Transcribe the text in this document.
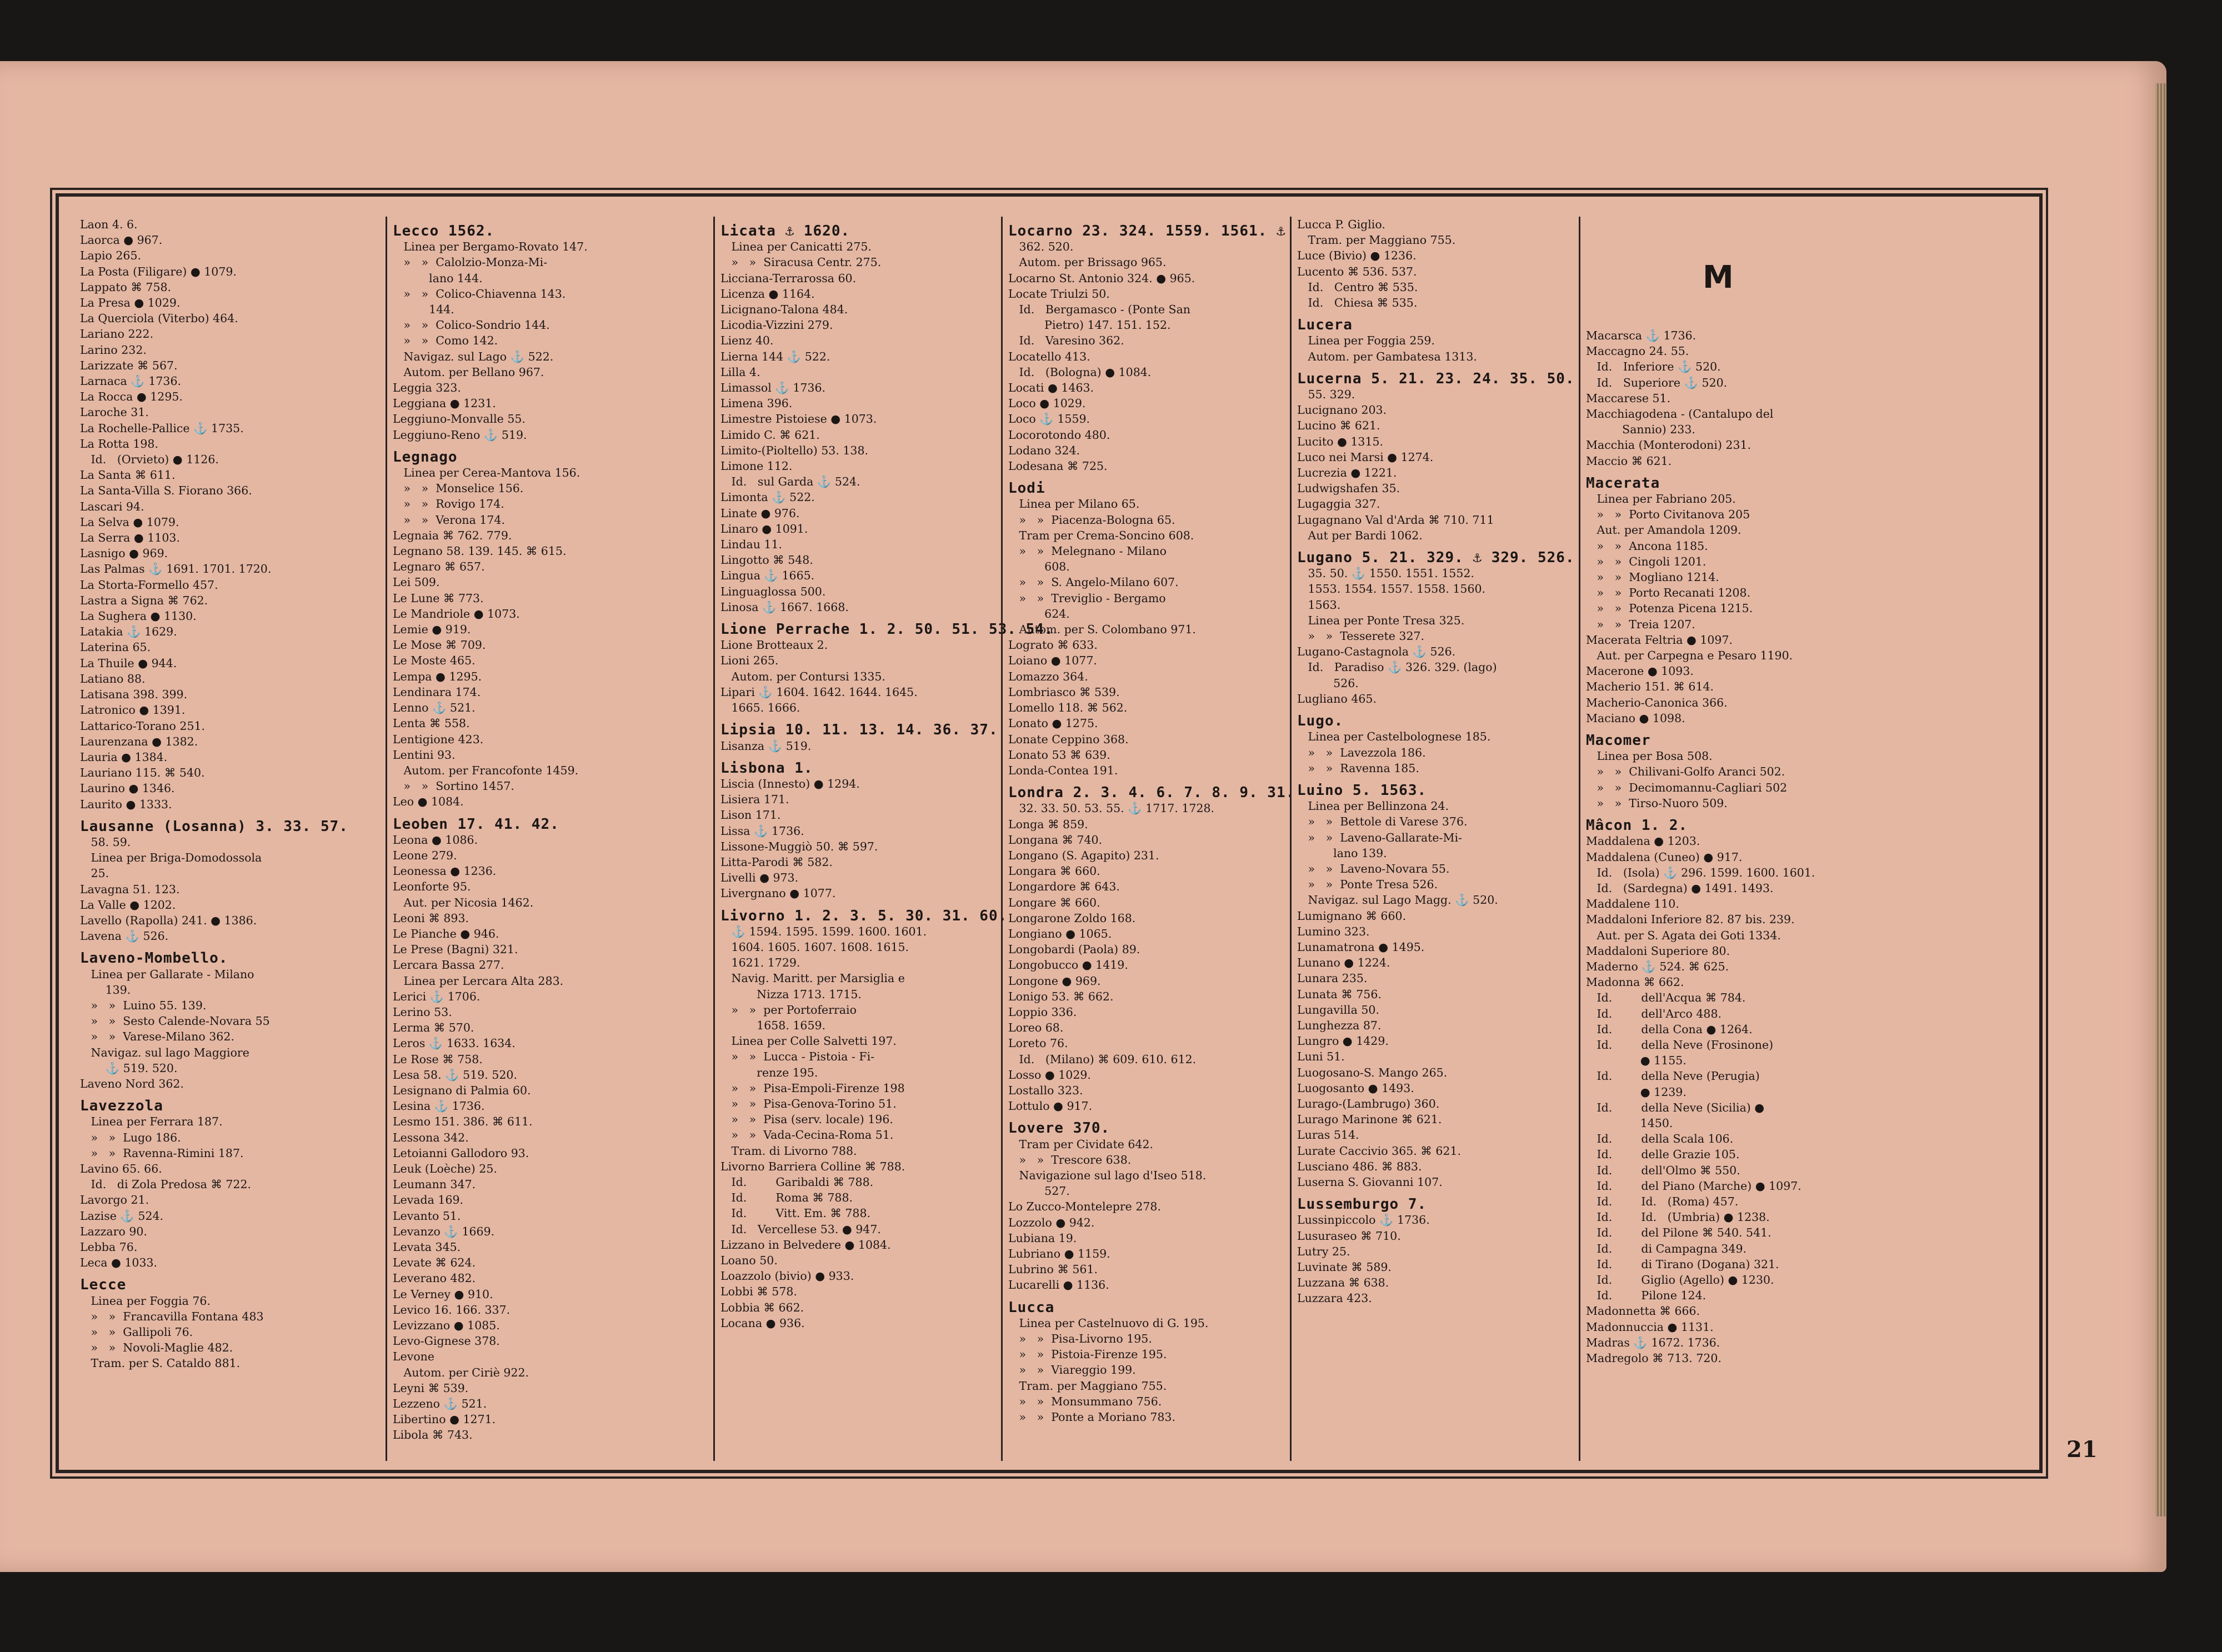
Laon 4. 6.
Laorca ● 967.
Lapio 265.
La Posta (Filigare) ● 1079.
Lappato ⌘ 758.
La Presa ● 1029.
La Querciola (Viterbo) 464.
Lariano 222.
Larino 232.
Larizzate ⌘ 567.
Larnaca ⚓ 1736.
La Rocca ● 1295.
Laroche 31.
La Rochelle-Pallice ⚓ 1735.
La Rotta 198.
Id.   (Orvieto) ● 1126.
La Santa ⌘ 611.
La Santa-Villa S. Fiorano 366.
Lascari 94.
La Selva ● 1079.
La Serra ● 1103.
Lasnigo ● 969.
Las Palmas ⚓ 1691. 1701. 1720.
La Storta-Formello 457.
Lastra a Signa ⌘ 762.
La Sughera ● 1130.
Latakia ⚓ 1629.
Laterina 65.
La Thuile ● 944.
Latiano 88.
Latisana 398. 399.
Latronico ● 1391.
Lattarico-Torano 251.
Laurenzana ● 1382.
Lauria ● 1384.
Lauriano 115. ⌘ 540.
Laurino ● 1346.
Laurito ● 1333.
Lausanne (Losanna) 3. 33. 57.
58. 59.
Linea per Briga-Domodossola
25.
Lavagna 51. 123.
La Valle ● 1202.
Lavello (Rapolla) 241. ● 1386.
Lavena ⚓ 526.
Laveno-Mombello.
Linea per Gallarate - Milano
139.
»   »  Luino 55. 139.
»   »  Sesto Calende-Novara 55
»   »  Varese-Milano 362.
Navigaz. sul lago Maggiore
⚓ 519. 520.
Laveno Nord 362.
Lavezzola
Linea per Ferrara 187.
»   »  Lugo 186.
»   »  Ravenna-Rimini 187.
Lavino 65. 66.
Id.   di Zola Predosa ⌘ 722.
Lavorgo 21.
Lazise ⚓ 524.
Lazzaro 90.
Lebba 76.
Leca ● 1033.
Lecce
Linea per Foggia 76.
»   »  Francavilla Fontana 483
»   »  Gallipoli 76.
»   »  Novoli-Maglie 482.
Tram. per S. Cataldo 881.
Lecco 1562.
Linea per Bergamo-Rovato 147.
»   »  Calolzio-Monza-Mi-
lano 144.
»   »  Colico-Chiavenna 143.
144.
»   »  Colico-Sondrio 144.
»   »  Como 142.
Navigaz. sul Lago ⚓ 522.
Autom. per Bellano 967.
Leggia 323.
Leggiana ● 1231.
Leggiuno-Monvalle 55.
Leggiuno-Reno ⚓ 519.
Legnago
Linea per Cerea-Mantova 156.
»   »  Monselice 156.
»   »  Rovigo 174.
»   »  Verona 174.
Legnaia ⌘ 762. 779.
Legnano 58. 139. 145. ⌘ 615.
Legnaro ⌘ 657.
Lei 509.
Le Lune ⌘ 773.
Le Mandriole ● 1073.
Lemie ● 919.
Le Mose ⌘ 709.
Le Moste 465.
Lempa ● 1295.
Lendinara 174.
Lenno ⚓ 521.
Lenta ⌘ 558.
Lentigione 423.
Lentini 93.
Autom. per Francofonte 1459.
»   »  Sortino 1457.
Leo ● 1084.
Leoben 17. 41. 42.
Leona ● 1086.
Leone 279.
Leonessa ● 1236.
Leonforte 95.
Aut. per Nicosia 1462.
Leoni ⌘ 893.
Le Pianche ● 946.
Le Prese (Bagni) 321.
Lercara Bassa 277.
Linea per Lercara Alta 283.
Lerici ⚓ 1706.
Lerino 53.
Lerma ⌘ 570.
Leros ⚓ 1633. 1634.
Le Rose ⌘ 758.
Lesa 58. ⚓ 519. 520.
Lesignano di Palmia 60.
Lesina ⚓ 1736.
Lesmo 151. 386. ⌘ 611.
Lessona 342.
Letoianni Gallodoro 93.
Leuk (Loèche) 25.
Leumann 347.
Levada 169.
Levanto 51.
Levanzo ⚓ 1669.
Levata 345.
Levate ⌘ 624.
Leverano 482.
Le Verney ● 910.
Levico 16. 166. 337.
Levizzano ● 1085.
Levo-Gignese 378.
Levone
Autom. per Ciriè 922.
Leyni ⌘ 539.
Lezzeno ⚓ 521.
Libertino ● 1271.
Libola ⌘ 743.
Licata ⚓ 1620.
Linea per Canicatti 275.
»   »  Siracusa Centr. 275.
Licciana-Terrarossa 60.
Licenza ● 1164.
Licignano-Talona 484.
Licodia-Vizzini 279.
Lienz 40.
Lierna 144 ⚓ 522.
Lilla 4.
Limassol ⚓ 1736.
Limena 396.
Limestre Pistoiese ● 1073.
Limido C. ⌘ 621.
Limito-(Pioltello) 53. 138.
Limone 112.
Id.   sul Garda ⚓ 524.
Limonta ⚓ 522.
Linate ● 976.
Linaro ● 1091.
Lindau 11.
Lingotto ⌘ 548.
Lingua ⚓ 1665.
Linguaglossa 500.
Linosa ⚓ 1667. 1668.
Lione Perrache 1. 2. 50. 51. 53. 54.
Lione Brotteaux 2.
Lioni 265.
Autom. per Contursi 1335.
Lipari ⚓ 1604. 1642. 1644. 1645.
1665. 1666.
Lipsia 10. 11. 13. 14. 36. 37.
Lisanza ⚓ 519.
Lisbona 1.
Liscia (Innesto) ● 1294.
Lisiera 171.
Lison 171.
Lissa ⚓ 1736.
Lissone-Muggiò 50. ⌘ 597.
Litta-Parodi ⌘ 582.
Livelli ● 973.
Livergnano ● 1077.
Livorno 1. 2. 3. 5. 30. 31. 60.
⚓ 1594. 1595. 1599. 1600. 1601.
1604. 1605. 1607. 1608. 1615.
1621. 1729.
Navig. Maritt. per Marsiglia e
Nizza 1713. 1715.
»   »  per Portoferraio
1658. 1659.
Linea per Colle Salvetti 197.
»   »  Lucca - Pistoia - Fi-
renze 195.
»   »  Pisa-Empoli-Firenze 198
»   »  Pisa-Genova-Torino 51.
»   »  Pisa (serv. locale) 196.
»   »  Vada-Cecina-Roma 51.
Tram. di Livorno 788.
Livorno Barriera Colline ⌘ 788.
Id.        Garibaldi ⌘ 788.
Id.        Roma ⌘ 788.
Id.        Vitt. Em. ⌘ 788.
Id.   Vercellese 53. ● 947.
Lizzano in Belvedere ● 1084.
Loano 50.
Loazzolo (bivio) ● 933.
Lobbi ⌘ 578.
Lobbia ⌘ 662.
Locana ● 936.
Locarno 23. 324. 1559. 1561. ⚓
362. 520.
Autom. per Brissago 965.
Locarno St. Antonio 324. ● 965.
Locate Triulzi 50.
Id.   Bergamasco - (Ponte San
Pietro) 147. 151. 152.
Id.   Varesino 362.
Locatello 413.
Id.   (Bologna) ● 1084.
Locati ● 1463.
Loco ● 1029.
Loco ⚓ 1559.
Locorotondo 480.
Lodano 324.
Lodesana ⌘ 725.
Lodi
Linea per Milano 65.
»   »  Piacenza-Bologna 65.
Tram per Crema-Soncino 608.
»   »  Melegnano - Milano
608.
»   »  S. Angelo-Milano 607.
»   »  Treviglio - Bergamo
624.
Autom. per S. Colombano 971.
Lograto ⌘ 633.
Loiano ● 1077.
Lomazzo 364.
Lombriasco ⌘ 539.
Lomello 118. ⌘ 562.
Lonato ● 1275.
Lonate Ceppino 368.
Lonato 53 ⌘ 639.
Londa-Contea 191.
Londra 2. 3. 4. 6. 7. 8. 9. 31.
32. 33. 50. 53. 55. ⚓ 1717. 1728.
Longa ⌘ 859.
Longana ⌘ 740.
Longano (S. Agapito) 231.
Longara ⌘ 660.
Longardore ⌘ 643.
Longare ⌘ 660.
Longarone Zoldo 168.
Longiano ● 1065.
Longobardi (Paola) 89.
Longobucco ● 1419.
Longone ● 969.
Lonigo 53. ⌘ 662.
Loppio 336.
Loreo 68.
Loreto 76.
Id.   (Milano) ⌘ 609. 610. 612.
Losso ● 1029.
Lostallo 323.
Lottulo ● 917.
Lovere 370.
Tram per Cividate 642.
»   »  Trescore 638.
Navigazione sul lago d'Iseo 518.
527.
Lo Zucco-Montelepre 278.
Lozzolo ● 942.
Lubiana 19.
Lubriano ● 1159.
Lubrino ⌘ 561.
Lucarelli ● 1136.
Lucca
Linea per Castelnuovo di G. 195.
»   »  Pisa-Livorno 195.
»   »  Pistoia-Firenze 195.
»   »  Viareggio 199.
Tram. per Maggiano 755.
»   »  Monsummano 756.
»   »  Ponte a Moriano 783.
Lucca P. Giglio.
Tram. per Maggiano 755.
Luce (Bivio) ● 1236.
Lucento ⌘ 536. 537.
Id.   Centro ⌘ 535.
Id.   Chiesa ⌘ 535.
Lucera
Linea per Foggia 259.
Autom. per Gambatesa 1313.
Lucerna 5. 21. 23. 24. 35. 50.
55. 329.
Lucignano 203.
Lucino ⌘ 621.
Lucito ● 1315.
Luco nei Marsi ● 1274.
Lucrezia ● 1221.
Ludwigshafen 35.
Lugaggia 327.
Lugagnano Val d'Arda ⌘ 710. 711
Aut per Bardi 1062.
Lugano 5. 21. 329. ⚓ 329. 526.
35. 50. ⚓ 1550. 1551. 1552.
1553. 1554. 1557. 1558. 1560.
1563.
Linea per Ponte Tresa 325.
»   »  Tesserete 327.
Lugano-Castagnola ⚓ 526.
Id.   Paradiso ⚓ 326. 329. (lago)
526.
Lugliano 465.
Lugo.
Linea per Castelbolognese 185.
»   »  Lavezzola 186.
»   »  Ravenna 185.
Luino 5. 1563.
Linea per Bellinzona 24.
»   »  Bettole di Varese 376.
»   »  Laveno-Gallarate-Mi-
lano 139.
»   »  Laveno-Novara 55.
»   »  Ponte Tresa 526.
Navigaz. sul Lago Magg. ⚓ 520.
Lumignano ⌘ 660.
Lumino 323.
Lunamatrona ● 1495.
Lunano ● 1224.
Lunara 235.
Lunata ⌘ 756.
Lungavilla 50.
Lunghezza 87.
Lungro ● 1429.
Luni 51.
Luogosano-S. Mango 265.
Luogosanto ● 1493.
Lurago-(Lambrugo) 360.
Lurago Marinone ⌘ 621.
Luras 514.
Lurate Caccivio 365. ⌘ 621.
Lusciano 486. ⌘ 883.
Luserna S. Giovanni 107.
Lussemburgo 7.
Lussinpiccolo ⚓ 1736.
Lusuraseo ⌘ 710.
Lutry 25.
Luvinate ⌘ 589.
Luzzana ⌘ 638.
Luzzara 423.
M
Macarsca ⚓ 1736.
Maccagno 24. 55.
Id.   Inferiore ⚓ 520.
Id.   Superiore ⚓ 520.
Maccarese 51.
Macchiagodena - (Cantalupo del
Sannio) 233.
Macchia (Monterodoni) 231.
Maccio ⌘ 621.
Macerata
Linea per Fabriano 205.
»   »  Porto Civitanova 205
Aut. per Amandola 1209.
»   »  Ancona 1185.
»   »  Cingoli 1201.
»   »  Mogliano 1214.
»   »  Porto Recanati 1208.
»   »  Potenza Picena 1215.
»   »  Treia 1207.
Macerata Feltria ● 1097.
Aut. per Carpegna e Pesaro 1190.
Macerone ● 1093.
Macherio 151. ⌘ 614.
Macherio-Canonica 366.
Maciano ● 1098.
Macomer
Linea per Bosa 508.
»   »  Chilivani-Golfo Aranci 502.
»   »  Decimomannu-Cagliari 502
»   »  Tirso-Nuoro 509.
Mâcon 1. 2.
Maddalena ● 1203.
Maddalena (Cuneo) ● 917.
Id.   (Isola) ⚓ 296. 1599. 1600. 1601.
Id.   (Sardegna) ● 1491. 1493.
Maddalene 110.
Maddaloni Inferiore 82. 87 bis. 239.
Aut. per S. Agata dei Goti 1334.
Maddaloni Superiore 80.
Maderno ⚓ 524. ⌘ 625.
Madonna ⌘ 662.
Id.        dell'Acqua ⌘ 784.
Id.        dell'Arco 488.
Id.        della Cona ● 1264.
Id.        della Neve (Frosinone)
● 1155.
Id.        della Neve (Perugia)
● 1239.
Id.        della Neve (Sicilia) ●
1450.
Id.        della Scala 106.
Id.        delle Grazie 105.
Id.        dell'Olmo ⌘ 550.
Id.        del Piano (Marche) ● 1097.
Id.        Id.   (Roma) 457.
Id.        Id.   (Umbria) ● 1238.
Id.        del Pilone ⌘ 540. 541.
Id.        di Campagna 349.
Id.        di Tirano (Dogana) 321.
Id.        Giglio (Agello) ● 1230.
Id.        Pilone 124.
Madonnetta ⌘ 666.
Madonnuccia ● 1131.
Madras ⚓ 1672. 1736.
Madregolo ⌘ 713. 720.
21
